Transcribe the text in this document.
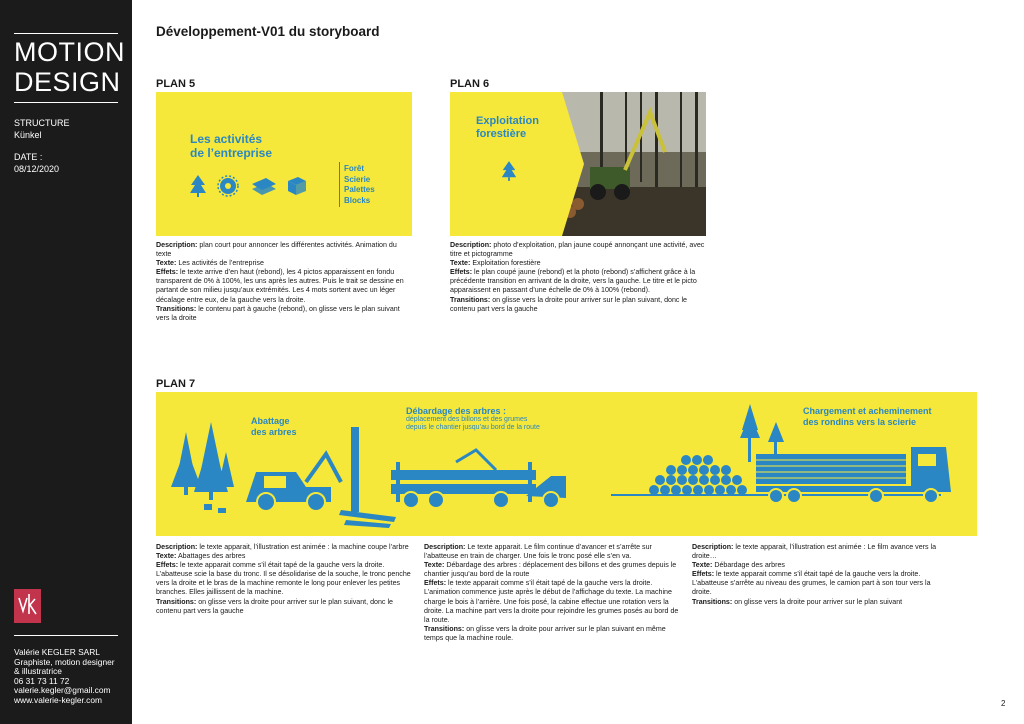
MOTION
DESIGN
STRUCTURE
Künkel
DATE :
08/12/2020
Valérie KEGLER SARL
Graphiste, motion designer
& illustratrice
06 31 73 11 72
valerie.kegler@gmail.com
www.valerie-kegler.com
Développement-V01 du storyboard
PLAN 5
Les activités
de l’entreprise
Forêt
Scierie
Palettes
Blocks
Description: plan court pour annoncer les différentes activités. Animation du texte
Texte: Les activités de l’entreprise
Effets: le texte arrive d’en haut (rebond), les 4 pictos apparaissent en fondu transparent de 0% à 100%, les uns après les autres. Puis le trait se dessine en partant de son milieu jusqu’aux extrémités. Les 4 mots sortent avec un léger décalage entre eux, de la gauche vers la droite.
Transitions: le contenu part à gauche (rebond), on glisse vers le plan suivant vers la droite
PLAN 6
Exploitation
forestière
Description: photo d’exploitation, plan jaune coupé annonçant une activité, avec titre et pictogramme
Texte: Exploitation forestière
Effets: le plan coupé jaune (rebond) et la photo (rebond) s’affichent grâce à la précédente transition en arrivant de la droite, vers la gauche. Le titre et le picto apparaissent en passant d’une échelle de 0% à 100% (rebond).
Transitions: on glisse vers la droite pour arriver sur le plan suivant, donc le contenu part vers la gauche
PLAN 7
Abattage
des arbres
Débardage des arbres :
déplacement des billons et des grumes
depuis le chantier jusqu’au bord de la route
Chargement et acheminement
des rondins vers la scierie
Description: le texte apparait, l’illustration est animée : la machine coupe l’arbre
Texte: Abattages des arbres
Effets: le texte apparait comme s’il était tapé de la gauche vers la droite. L’abatteuse scie la base du tronc. Il se désolidarise de la souche, le tronc penche vers la droite et le bras de la machine remonte le long pour enlever les petites branches. Elles jaillissent de la machine.
Transitions: on glisse vers la droite pour arriver sur le plan suivant, donc le contenu part vers la gauche
Description: Le texte apparait. Le film continue d’avancer et s’arrête sur l’abatteuse en train de charger. Une fois le tronc posé elle s’en va.
Texte: Débardage des arbres : déplacement des billons et des grumes depuis le chantier jusqu’au bord de la route
Effets: le texte apparait comme s’il était tapé de la gauche vers la droite. L’animation commence juste après le début de l’affichage du texte. La machine charge le bois à l’arrière. Une fois posé, la cabine effectue une rotation vers la droite. La machine part vers la droite pour rejoindre les grumes posés au bord de la route.
Transitions: on glisse vers la droite pour arriver sur le plan suivant en même temps que la machine roule.
Description: le texte apparait, l’illustration est animée : Le film avance vers la droite…
Texte: Débardage des arbres
Effets: le texte apparait comme s’il était tapé de la gauche vers la droite. L’abatteuse s’arrête au niveau des grumes, le camion part à son tour vers la droite.
Transitions: on glisse vers la droite pour arriver sur le plan suivant
2
